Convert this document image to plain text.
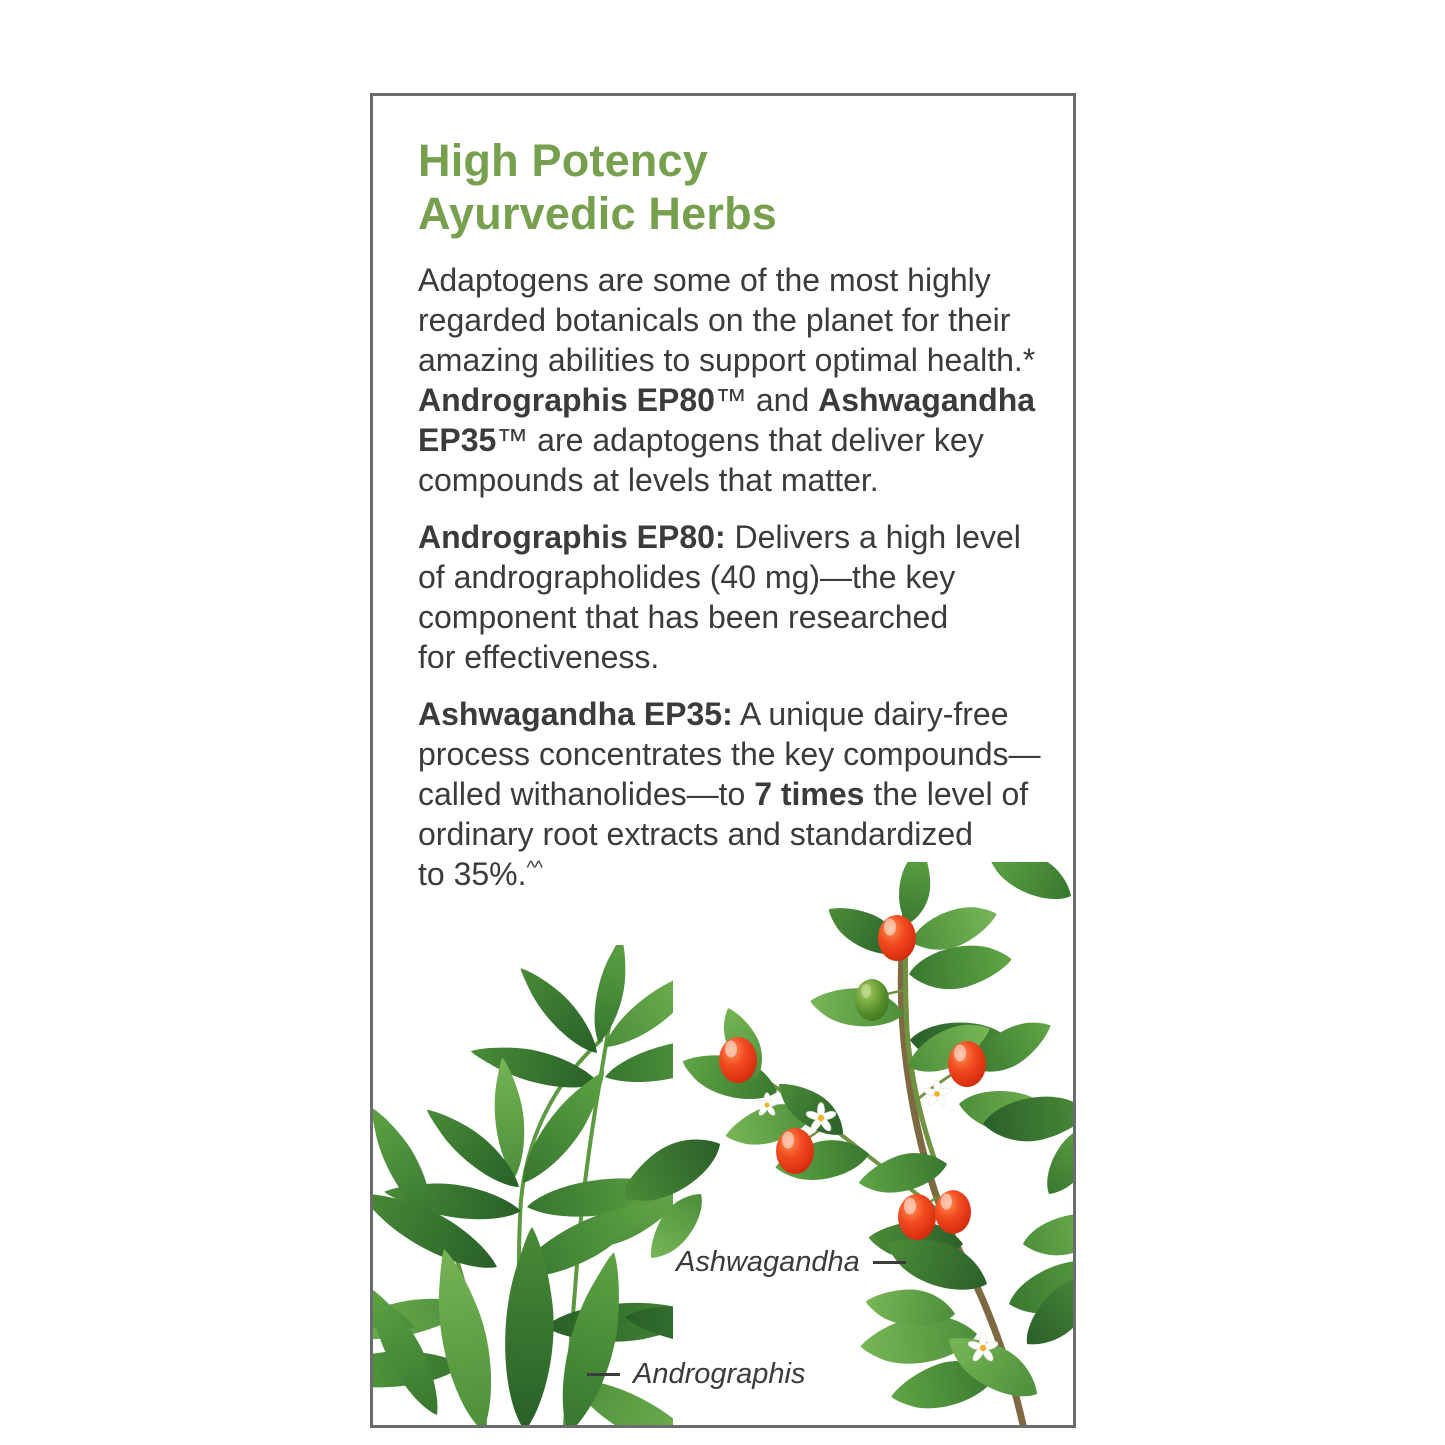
High Potency
Ayurvedic Herbs

Adaptogens are some of the most highly
regarded botanicals on the planet for their
amazing abilities to support optimal health.*
Andrographis EP80™ and Ashwagandha
EP35™ are adaptogens that deliver key
compounds at levels that matter.

Andrographis EP80: Delivers a high level
of andrographolides (40 mg)—the key
component that has been researched
for effectiveness.

Ashwagandha EP35: A unique dairy-free
process concentrates the key compounds—
called withanolides—to 7 times the level of
ordinary root extracts and standardized
to 35%.^^

Ashwagandha
Andrographis
